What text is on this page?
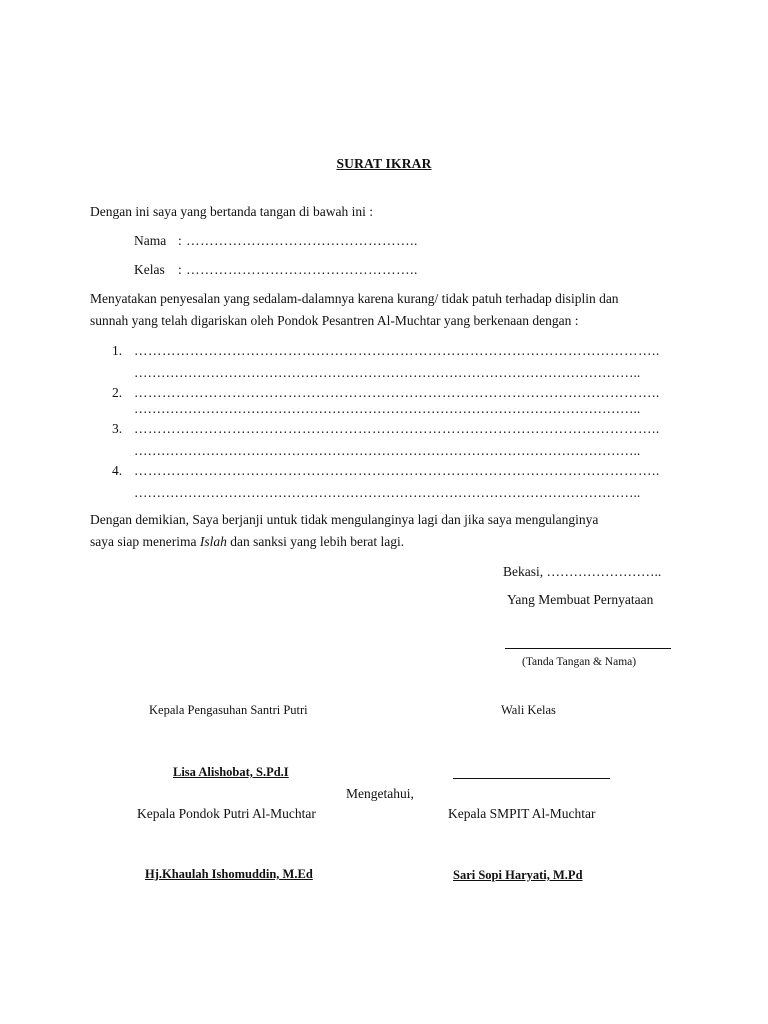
SURAT IKRAR
Dengan ini saya yang bertanda tangan di bawah ini :
Nama : …………………………………………..
Kelas : …………………………………………..
Menyatakan penyesalan yang sedalam-dalamnya karena kurang/ tidak patuh terhadap disiplin dan
sunnah yang telah digariskan oleh Pondok Pesantren Al-Muchtar yang berkenaan dengan :
1. …………………………………………………………………………………………………..
…………………………………………………………………………………………………..
2. …………………………………………………………………………………………………..
…………………………………………………………………………………………………..
3. …………………………………………………………………………………………………..
…………………………………………………………………………………………………..
4. …………………………………………………………………………………………………..
…………………………………………………………………………………………………..
Dengan demikian, Saya berjanji untuk tidak mengulanginya lagi dan jika saya mengulanginya
saya siap menerima Islah dan sanksi yang lebih berat lagi.
Bekasi, ……………………..
Yang Membuat Pernyataan
(Tanda Tangan & Nama)
Kepala Pengasuhan Santri Putri	Wali Kelas
Lisa Alishobat, S.Pd.I
Mengetahui,
Kepala Pondok Putri Al-Muchtar	Kepala SMPIT Al-Muchtar
Hj.Khaulah Ishomuddin, M.Ed	Sari Sopi Haryati, M.Pd
